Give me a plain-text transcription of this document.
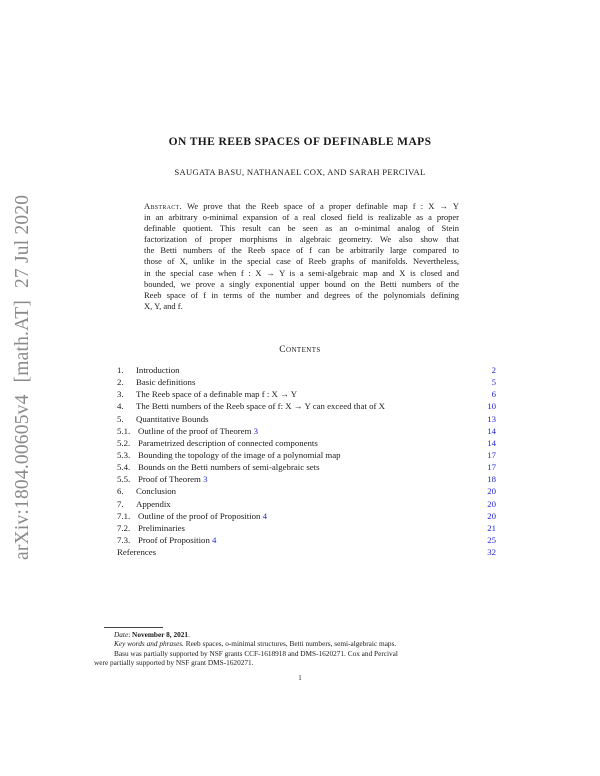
arXiv:1804.00605v4[math.AT]27 Jul 2020
ON THE REEB SPACES OF DEFINABLE MAPS
SAUGATA BASU, NATHANAEL COX, AND SARAH PERCIVAL
Abstract. We prove that the Reeb space of a proper definable map f : X → Y
in an arbitrary o-minimal expansion of a real closed field is realizable as a proper
definable quotient. This result can be seen as an o-minimal analog of Stein
factorization of proper morphisms in algebraic geometry. We also show that
the Betti numbers of the Reeb space of f can be arbitrarily large compared to
those of X, unlike in the special case of Reeb graphs of manifolds. Nevertheless,
in the special case when f : X → Y is a semi-algebraic map and X is closed and
bounded, we prove a singly exponential upper bound on the Betti numbers of the
Reeb space of f in terms of the number and degrees of the polynomials defining
X, Y, and f.
Contents
1.	Introduction	2
2.	Basic definitions	5
3.	The Reeb space of a definable map f : X → Y	6
4.	The Betti numbers of the Reeb space of f: X → Y can exceed that of X	10
5.	Quantitative Bounds	13
5.1. Outline of the proof of Theorem 3	14
5.2. Parametrized description of connected components	14
5.3. Bounding the topology of the image of a polynomial map	17
5.4. Bounds on the Betti numbers of semi-algebraic sets	17
5.5. Proof of Theorem 3	18
6.	Conclusion	20
7.	Appendix	20
7.1. Outline of the proof of Proposition 4	20
7.2. Preliminaries	21
7.3. Proof of Proposition 4	25
References	32
Date: November 8, 2021.
Key words and phrases. Reeb spaces, o-minimal structures, Betti numbers, semi-algebraic maps.
Basu was partially supported by NSF grants CCF-1618918 and DMS-1620271. Cox and Percival
were partially supported by NSF grant DMS-1620271.
1
